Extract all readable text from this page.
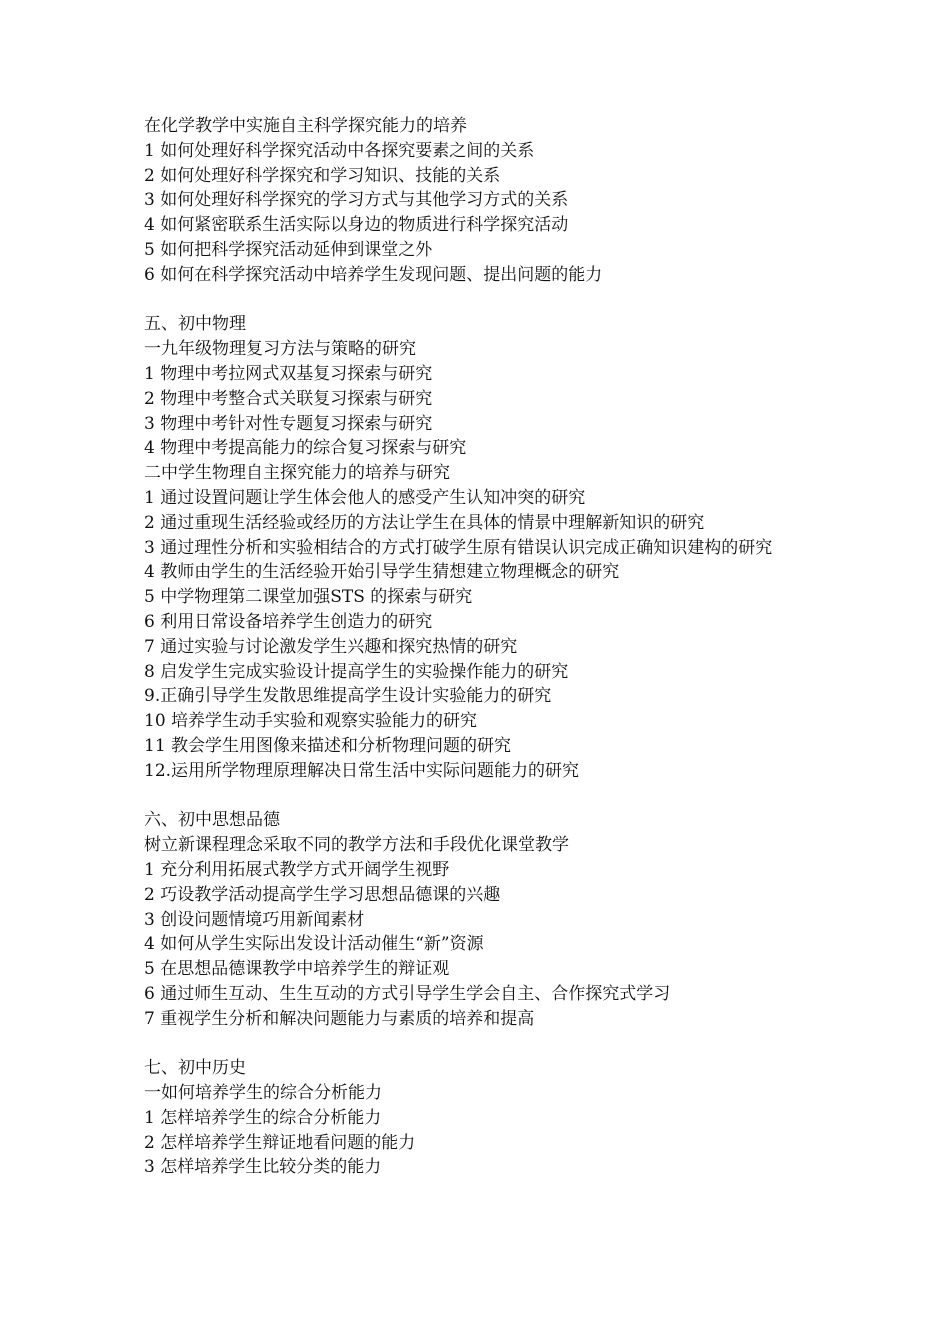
在化学教学中实施自主科学探究能力的培养
1 如何处理好科学探究活动中各探究要素之间的关系
2 如何处理好科学探究和学习知识、技能的关系
3 如何处理好科学探究的学习方式与其他学习方式的关系
4 如何紧密联系生活实际以身边的物质进行科学探究活动
5 如何把科学探究活动延伸到课堂之外
6 如何在科学探究活动中培养学生发现问题、提出问题的能力
五、初中物理
一九年级物理复习方法与策略的研究
1 物理中考拉网式双基复习探索与研究
2 物理中考整合式关联复习探索与研究
3 物理中考针对性专题复习探索与研究
4 物理中考提高能力的综合复习探索与研究
二中学生物理自主探究能力的培养与研究
1 通过设置问题让学生体会他人的感受产生认知冲突的研究
2 通过重现生活经验或经历的方法让学生在具体的情景中理解新知识的研究
3 通过理性分析和实验相结合的方式打破学生原有错误认识完成正确知识建构的研究
4 教师由学生的生活经验开始引导学生猜想建立物理概念的研究
5 中学物理第二课堂加强STS 的探索与研究
6 利用日常设备培养学生创造力的研究
7 通过实验与讨论激发学生兴趣和探究热情的研究
8 启发学生完成实验设计提高学生的实验操作能力的研究
9.正确引导学生发散思维提高学生设计实验能力的研究
10 培养学生动手实验和观察实验能力的研究
11 教会学生用图像来描述和分析物理问题的研究
12.运用所学物理原理解决日常生活中实际问题能力的研究
六、初中思想品德
树立新课程理念采取不同的教学方法和手段优化课堂教学
1 充分利用拓展式教学方式开阔学生视野
2 巧设教学活动提高学生学习思想品德课的兴趣
3 创设问题情境巧用新闻素材
4 如何从学生实际出发设计活动催生“新”资源
5 在思想品德课教学中培养学生的辩证观
6 通过师生互动、生生互动的方式引导学生学会自主、合作探究式学习
7 重视学生分析和解决问题能力与素质的培养和提高
七、初中历史
一如何培养学生的综合分析能力
1 怎样培养学生的综合分析能力
2 怎样培养学生辩证地看问题的能力
3 怎样培养学生比较分类的能力
